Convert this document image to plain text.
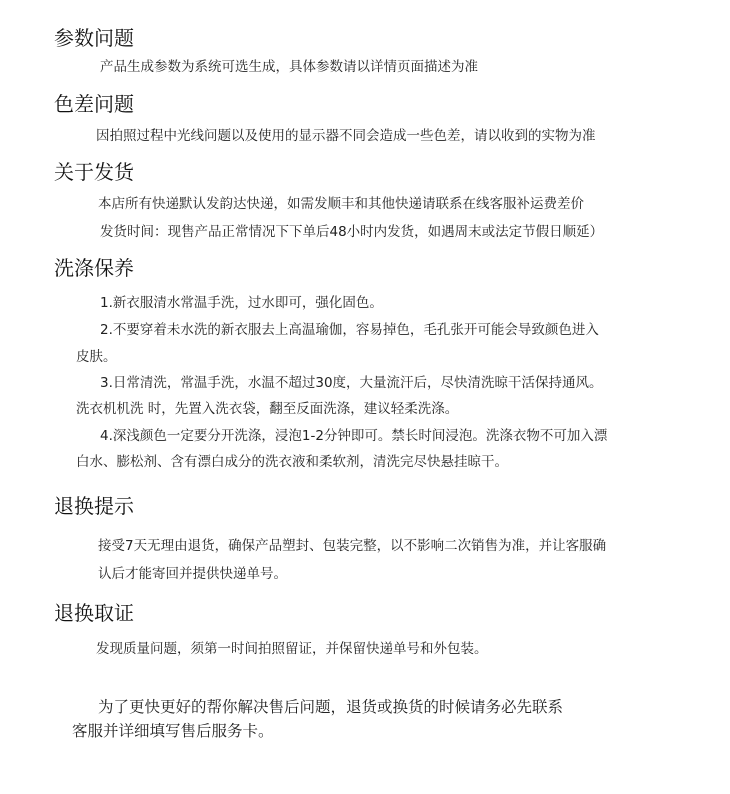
参数问题

产品生成参数为系统可选生成，具体参数请以详情页面描述为准

色差问题

因拍照过程中光线问题以及使用的显示器不同会造成一些色差，请以收到的实物为准

关于发货

本店所有快递默认发韵达快递，如需发顺丰和其他快递请联系在线客服补运费差价

发货时间：现售产品正常情况下下单后48小时内发货，如遇周末或法定节假日顺延）

洗涤保养

1.新衣服清水常温手洗，过水即可，强化固色。

2.不要穿着未水洗的新衣服去上高温瑜伽，容易掉色，毛孔张开可能会导致颜色进入

皮肤。

3.日常清洗，常温手洗，水温不超过30度，大量流汗后，尽快清洗晾干活保持通风。

洗衣机机洗 时，先置入洗衣袋，翻至反面洗涤，建议轻柔洗涤。

4.深浅颜色一定要分开洗涤，浸泡1-2分钟即可。禁长时间浸泡。洗涤衣物不可加入漂

白水、膨松剂、含有漂白成分的洗衣液和柔软剂，清洗完尽快悬挂晾干。

退换提示

接受7天无理由退货，确保产品塑封、包装完整，以不影响二次销售为准，并让客服确

认后才能寄回并提供快递单号。

退换取证

发现质量问题，须第一时间拍照留证，并保留快递单号和外包装。

为了更快更好的帮你解决售后问题，退货或换货的时候请务必先联系

客服并详细填写售后服务卡。
